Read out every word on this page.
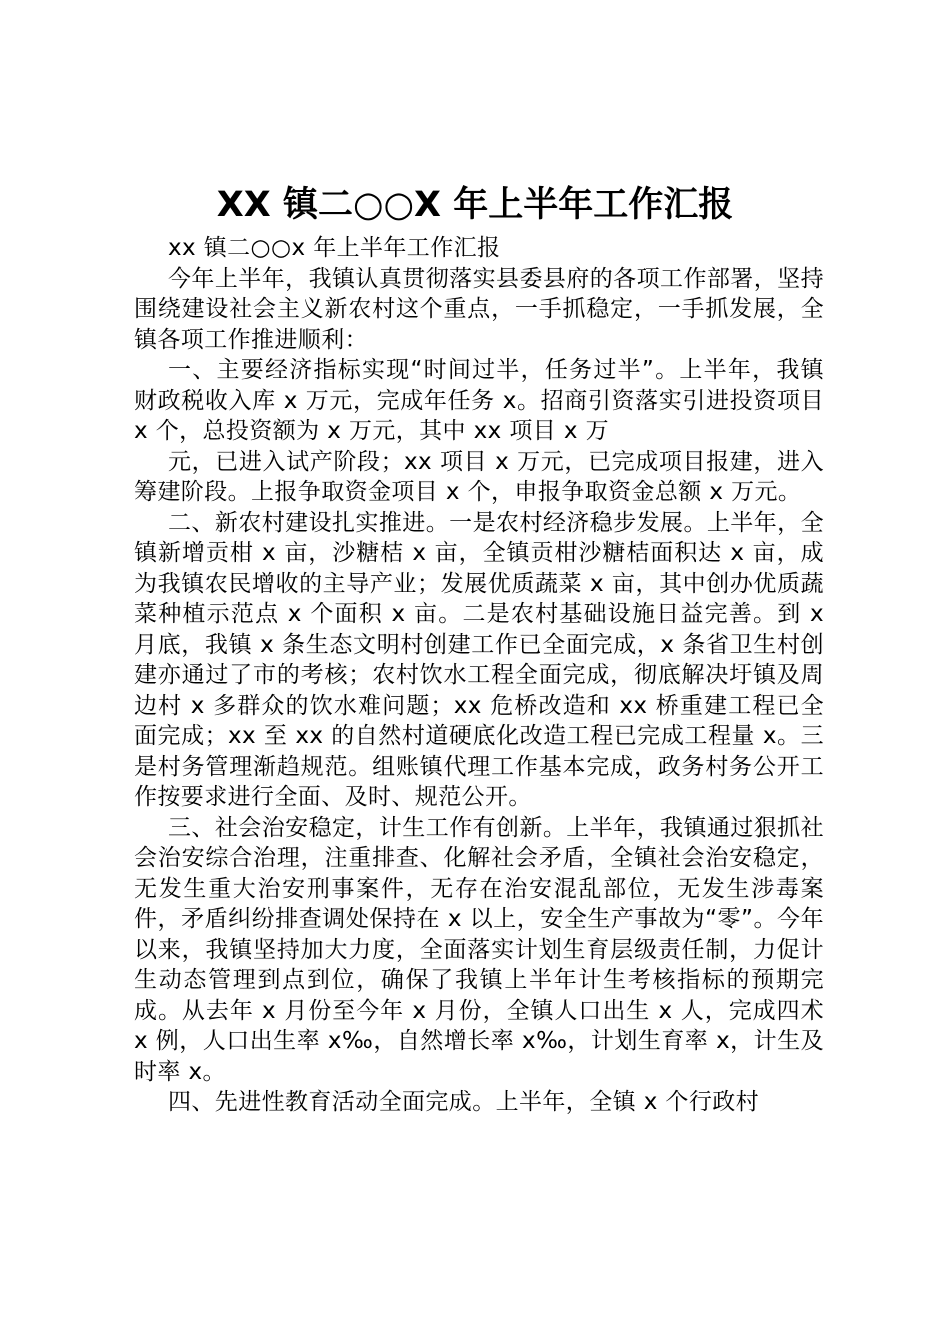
XX 镇二○○X 年上半年工作汇报

xx 镇二○○x 年上半年工作汇报

今年上半年，我镇认真贯彻落实县委县府的各项工作部署，坚持围绕建设社会主义新农村这个重点，一手抓稳定，一手抓发展，全镇各项工作推进顺利：

一、主要经济指标实现“时间过半，任务过半”。上半年，我镇财政税收入库 x 万元，完成年任务 x。招商引资落实引进投资项目 x 个，总投资额为 x 万元，其中 xx 项目 x 万

元，已进入试产阶段；xx 项目 x 万元，已完成项目报建，进入筹建阶段。上报争取资金项目 x 个，申报争取资金总额 x 万元。

二、新农村建设扎实推进。一是农村经济稳步发展。上半年，全镇新增贡柑 x 亩，沙糖桔 x 亩，全镇贡柑沙糖桔面积达 x 亩，成为我镇农民增收的主导产业；发展优质蔬菜 x 亩，其中创办优质蔬菜种植示范点 x 个面积 x 亩。二是农村基础设施日益完善。到 x 月底，我镇 x 条生态文明村创建工作已全面完成，x 条省卫生村创建亦通过了市的考核；农村饮水工程全面完成，彻底解决圩镇及周边村 x 多群众的饮水难问题；xx 危桥改造和 xx 桥重建工程已全面完成；xx 至 xx 的自然村道硬底化改造工程已完成工程量 x。三是村务管理渐趋规范。组账镇代理工作基本完成，政务村务公开工作按要求进行全面、及时、规范公开。

三、社会治安稳定，计生工作有创新。上半年，我镇通过狠抓社会治安综合治理，注重排查、化解社会矛盾，全镇社会治安稳定，无发生重大治安刑事案件，无存在治安混乱部位，无发生涉毒案件，矛盾纠纷排查调处保持在 x 以上，安全生产事故为“零”。今年以来，我镇坚持加大力度，全面落实计划生育层级责任制，力促计生动态管理到点到位，确保了我镇上半年计生考核指标的预期完成。从去年 x 月份至今年 x 月份，全镇人口出生 x 人，完成四术 x 例，人口出生率 x‰，自然增长率 x‰，计划生育率 x，计生及时率 x。

四、先进性教育活动全面完成。上半年，全镇 x 个行政村
